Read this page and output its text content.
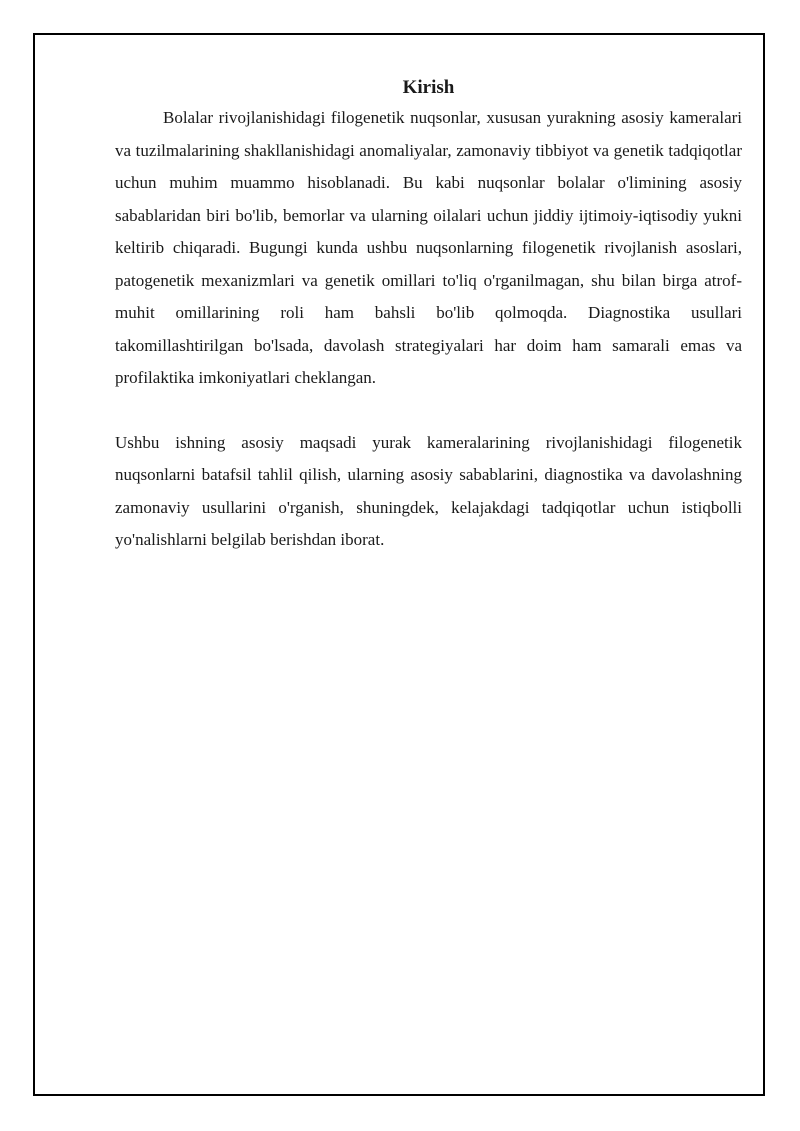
Kirish

Bolalar rivojlanishidagi filogenetik nuqsonlar, xususan yurakning asosiy kameralari va tuzilmalarining shakllanishidagi anomaliyalar, zamonaviy tibbiyot va genetik tadqiqotlar uchun muhim muammo hisoblanadi. Bu kabi nuqsonlar bolalar o'limining asosiy sabablaridan biri bo'lib, bemorlar va ularning oilalari uchun jiddiy ijtimoiy-iqtisodiy yukni keltirib chiqaradi. Bugungi kunda ushbu nuqsonlarning filogenetik rivojlanish asoslari, patogenetik mexanizmlari va genetik omillari to'liq o'rganilmagan, shu bilan birga atrof-muhit omillarining roli ham bahsli bo'lib qolmoqda. Diagnostika usullari takomillashtirilgan bo'lsada, davolash strategiyalari har doim ham samarali emas va profilaktika imkoniyatlari cheklangan.

Ushbu ishning asosiy maqsadi yurak kameralarining rivojlanishidagi filogenetik nuqsonlarni batafsil tahlil qilish, ularning asosiy sabablarini, diagnostika va davolashning zamonaviy usullarini o'rganish, shuningdek, kelajakdagi tadqiqotlar uchun istiqbolli yo'nalishlarni belgilab berishdan iborat.
